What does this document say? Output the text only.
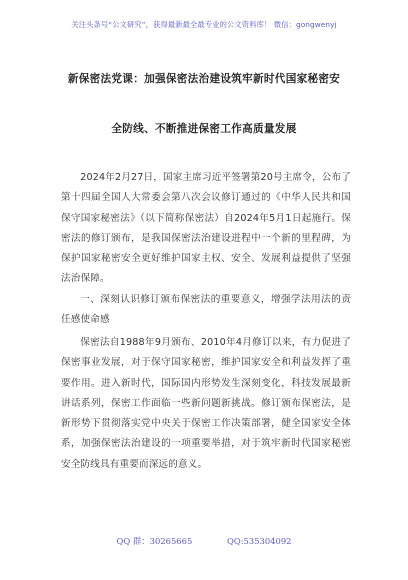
关注头条号“公文研究”，获得最新最全最专业的公文资料库！ 微信：gongwenyj
新保密法党课：加强保密法治建设筑牢新时代国家秘密安
全防线、不断推进保密工作高质量发展

2024年2月27日，国家主席习近平签署第20号主席令，公布了第十四届全国人大常委会第八次会议修订通过的《中华人民共和国保守国家秘密法》（以下简称保密法）自2024年5月1日起施行。保密法的修订颁布，是我国保密法治建设进程中一个新的里程碑，为保护国家秘密安全更好维护国家主权、安全、发展利益提供了坚强法治保障。

一、深刻认识修订颁布保密法的重要意义，增强学法用法的责任感使命感

保密法自1988年9月颁布、2010年4月修订以来，有力促进了保密事业发展，对于保守国家秘密，维护国家安全和利益发挥了重要作用。进入新时代，国际国内形势发生深刻变化，科技发展最新讲话系列，保密工作面临一些新问题新挑战。修订颁布保密法，是新形势下贯彻落实党中央关于保密工作决策部署，健全国家安全体系，加强保密法治建设的一项重要举措，对于筑牢新时代国家秘密安全防线具有重要而深远的意义。

QQ 群：30265665	QQ:535304092
